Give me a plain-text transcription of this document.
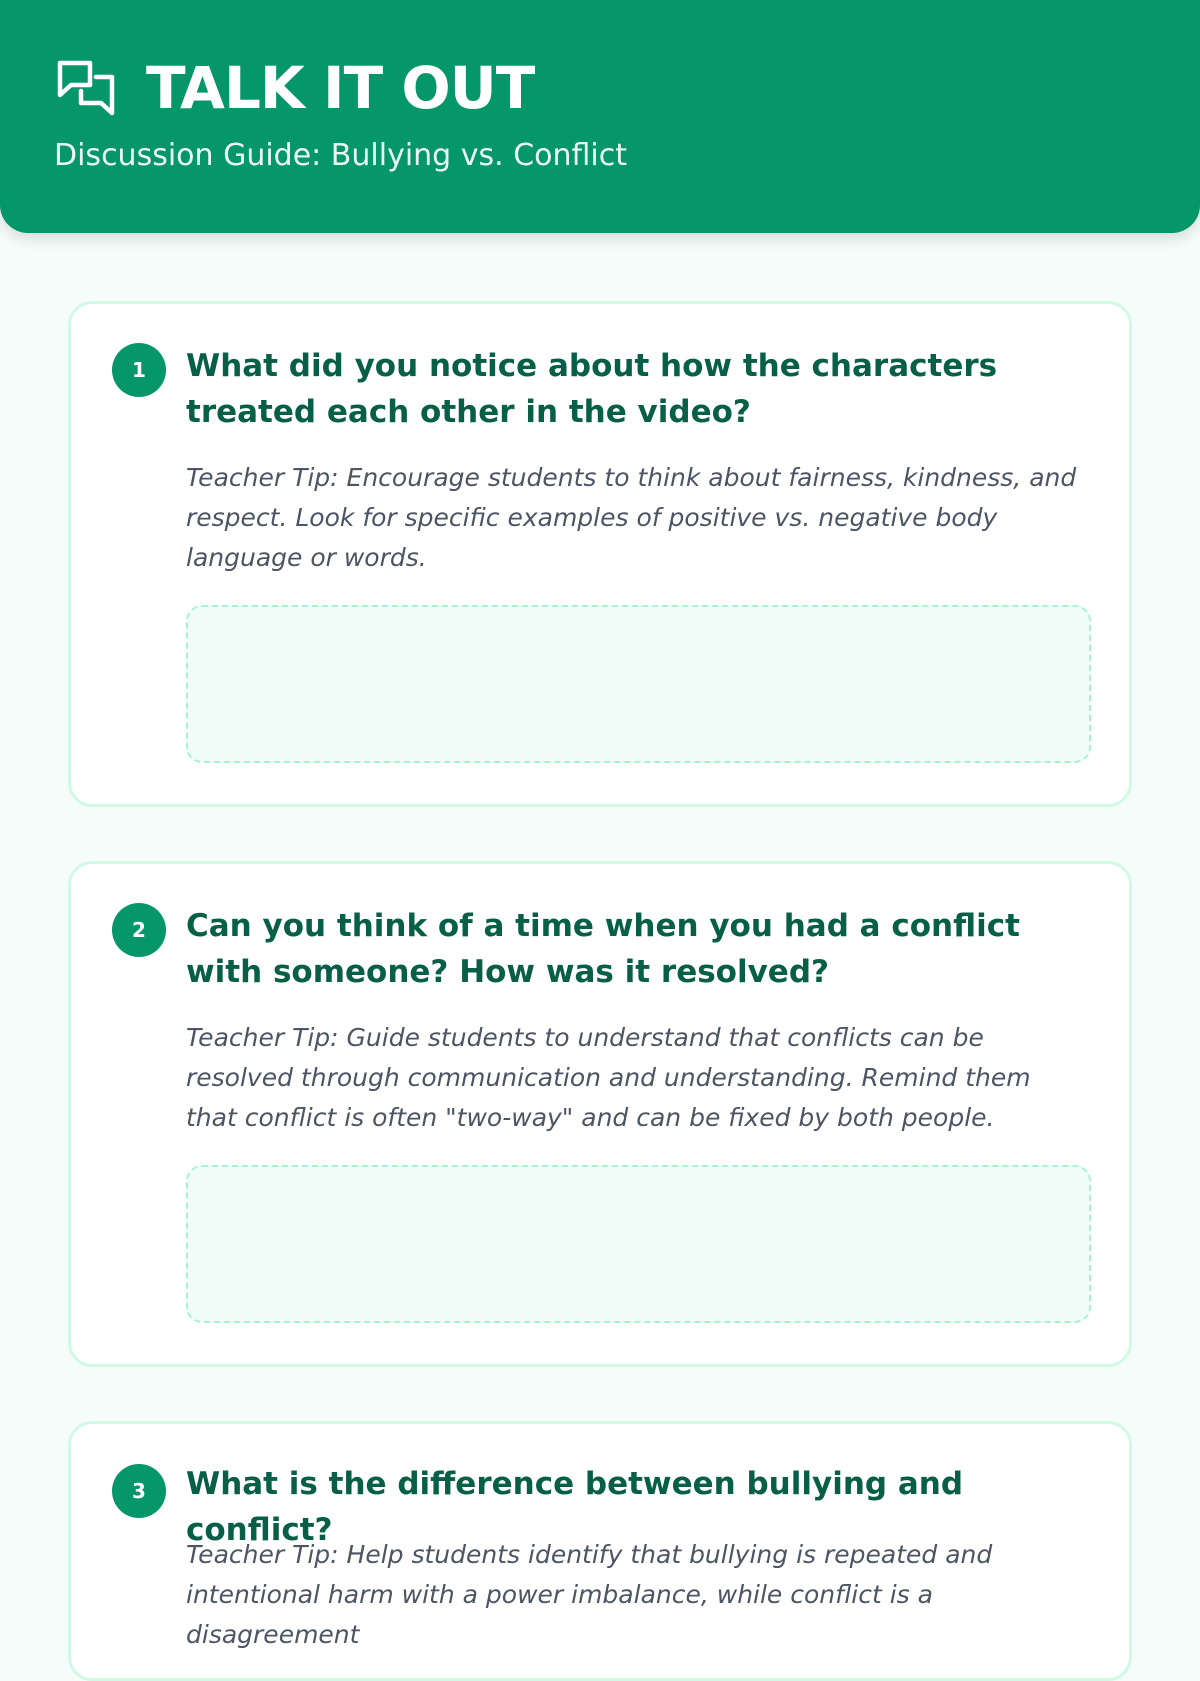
TALK IT OUT
Discussion Guide: Bullying vs. Conflict
1	What did you notice about how the characters treated each other in the video?
Teacher Tip: Encourage students to think about fairness, kindness, and respect. Look for specific examples of positive vs. negative body language or words.
2	Can you think of a time when you had a conflict with someone? How was it resolved?
Teacher Tip: Guide students to understand that conflicts can be resolved through communication and understanding. Remind them that conflict is often "two-way" and can be fixed by both people.
3	What is the difference between bullying and conflict?
Teacher Tip: Help students identify that bullying is repeated and intentional harm with a power imbalance, while conflict is a disagreement
